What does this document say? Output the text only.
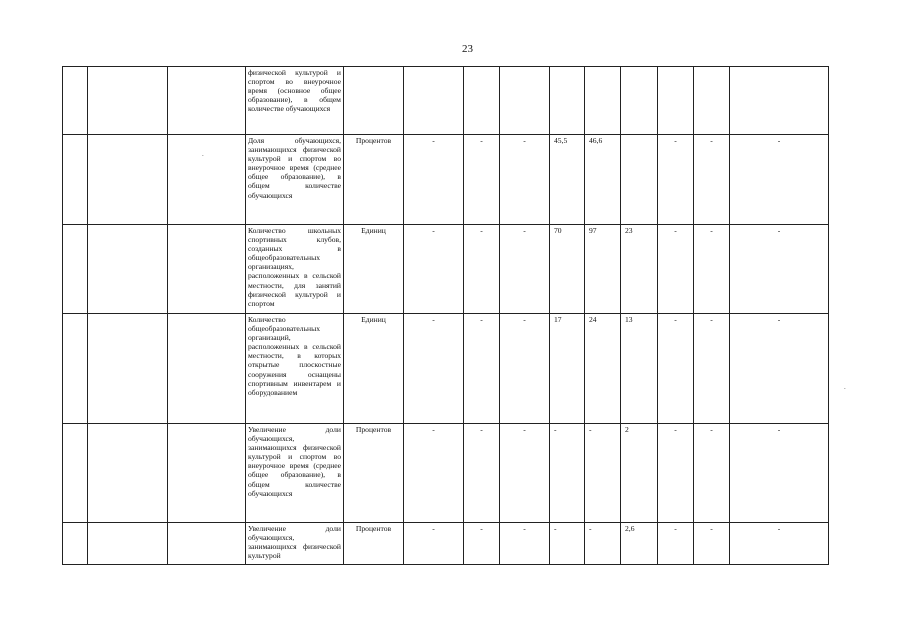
23
.
.
			физической культурой и спортом во внеурочное время (основное общее образование), в общем количестве обучающихся										
			Доля обучающихся, занимающихся физической культурой и спортом во внеурочное время (среднее общее образование), в общем количестве обучающихся	Процентов	-	-	-	45,5	46,6		-	-	-
			Количество школьных спортивных клубов, созданных в общеобразовательных организациях, расположенных в сельской местности, для занятий физической культурой и спортом	Единиц	-	-	-	70	97	23	-	-	-
			Количество общеобразовательных организаций, расположенных в сельской местности, в которых открытые плоскостные сооружения оснащены спортивным инвентарем и оборудованием	Единиц	-	-	-	17	24	13	-	-	-
			Увеличение доли обучающихся, занимающихся физической культурой и спортом во внеурочное время (среднее общее образование), в общем количестве обучающихся	Процентов	-	-	-	-	-	2	-	-	-
			Увеличение доли обучающихся, занимающихся физической культурой	Процентов	-	-	-	-	-	2,6	-	-	-
